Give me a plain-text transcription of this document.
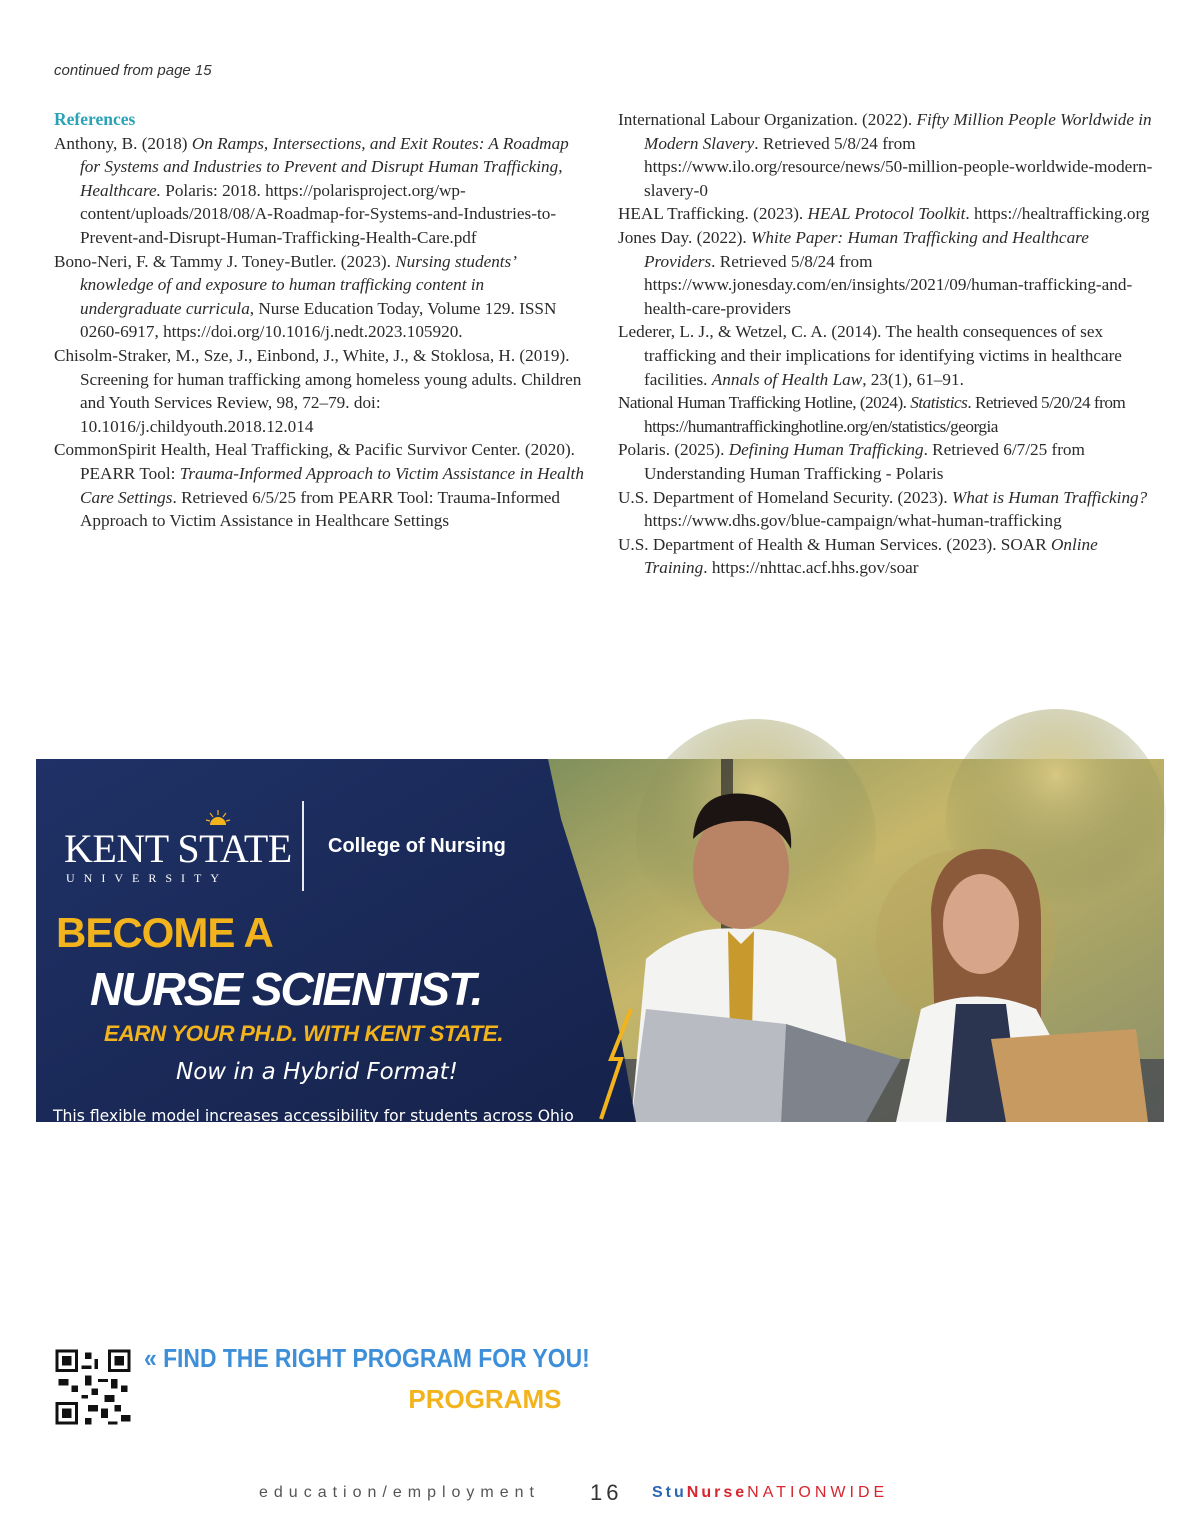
continued from page 15
References

Anthony, B. (2018) On Ramps, Intersections, and Exit Routes: A Roadmap for Systems and Industries to Prevent and Disrupt Human Trafficking, Healthcare. Polaris: 2018. https://polarisproject.org/wp-content/uploads/2018/08/A-Roadmap-for-Systems-and-Industries-to-Prevent-and-Disrupt-Human-Trafficking-Health-Care.pdf

Bono-Neri, F. & Tammy J. Toney-Butler. (2023). Nursing students’ knowledge of and exposure to human trafficking content in undergraduate curricula, Nurse Education Today, Volume 129. ISSN 0260-6917, https://doi.org/10.1016/j.nedt.2023.105920.

Chisolm-Straker, M., Sze, J., Einbond, J., White, J., & Stoklosa, H. (2019). Screening for human trafficking among homeless young adults. Children and Youth Services Review, 98, 72–79. doi: 10.1016/j.childyouth.2018.12.014

CommonSpirit Health, Heal Trafficking, & Pacific Survivor Center. (2020). PEARR Tool: Trauma-Informed Approach to Victim Assistance in Health Care Settings. Retrieved 6/5/25 from PEARR Tool: Trauma-Informed Approach to Victim Assistance in Healthcare Settings

International Labour Organization. (2022). Fifty Million People Worldwide in Modern Slavery. Retrieved 5/8/24 from https://www.ilo.org/resource/news/50-million-people-worldwide-modern-slavery-0

HEAL Trafficking. (2023). HEAL Protocol Toolkit. https://healtrafficking.org

Jones Day. (2022). White Paper: Human Trafficking and Healthcare Providers. Retrieved 5/8/24 from https://www.jonesday.com/en/insights/2021/09/human-trafficking-and-health-care-providers

Lederer, L. J., & Wetzel, C. A. (2014). The health consequences of sex trafficking and their implications for identifying victims in healthcare facilities. Annals of Health Law, 23(1), 61–91.

National Human Trafficking Hotline, (2024). Statistics. Retrieved 5/20/24 from https://humantraffickinghotline.org/en/statistics/georgia

Polaris. (2025). Defining Human Trafficking. Retrieved 6/7/25 from Understanding Human Trafficking - Polaris

U.S. Department of Homeland Security. (2023). What is Human Trafficking? https://www.dhs.gov/blue-campaign/what-human-trafficking

U.S. Department of Health & Human Services. (2023). SOAR Online Training. https://nhttac.acf.hhs.gov/soar

KENT STATE
UNIVERSITY
College of Nursing
BECOME A
NURSE SCIENTIST.
EARN YOUR PH.D. WITH KENT STATE.
Now in a Hybrid Format!
This flexible model increases accessibility for students across Ohio and neighboring states, especially rural nurses eager to advance their careers. Students attend on-campus classes and activities for three days each August. For the remainder of the year, coursework is completed synchronously online. This ensures you receive a rigorous, competitive education while allowing you to balance work and personal commitments. Join us at Kent State and transform your nursing career!
« FIND THE RIGHT PROGRAM FOR YOU!
KENT.EDU/NURSING/PROGRAMS
education/employment 16 StuNurseNATIONWIDE
